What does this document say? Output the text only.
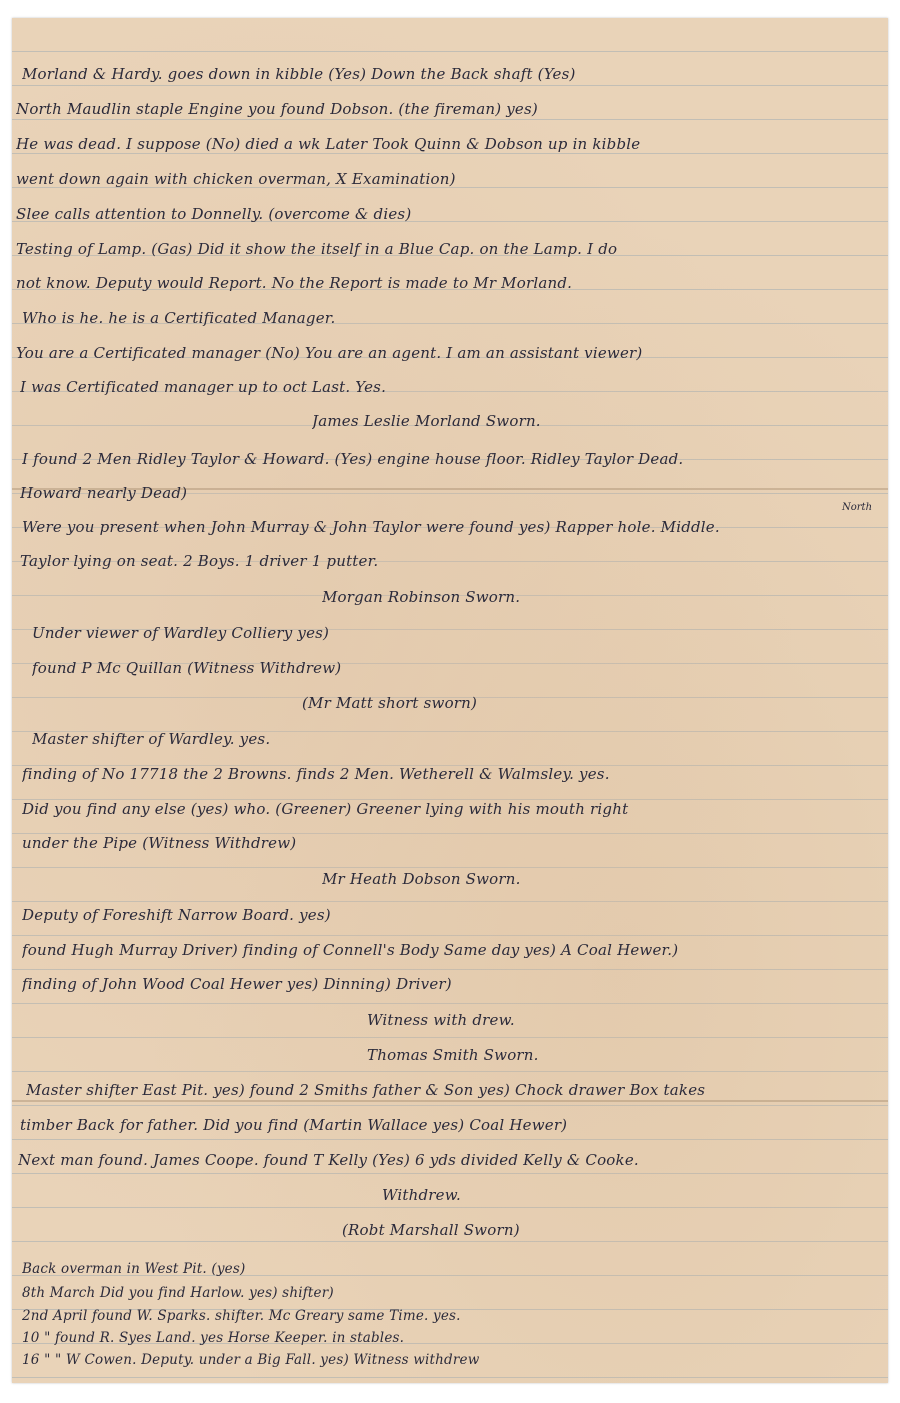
Morland & Hardy. goes down in kibble (Yes) Down the Back shaft (Yes)
North Maudlin staple Engine you found Dobson. (the fireman) yes)
He was dead. I suppose (No) died a wk Later Took Quinn & Dobson up in kibble
went down again with chicken overman, X Examination)
Slee calls attention to Donnelly. (overcome & dies)
Testing of Lamp. (Gas) Did it show the itself in a Blue Cap. on the Lamp. I do
not know. Deputy would Report. No the Report is made to Mr Morland.
Who is he. he is a Certificated Manager.
You are a Certificated manager (No) You are an agent. I am an assistant viewer)
I was Certificated manager up to oct Last. Yes.
James Leslie Morland Sworn.
I found 2 Men Ridley Taylor & Howard. (Yes) engine house floor. Ridley Taylor Dead.
Howard nearly Dead)
North
Were you present when John Murray & John Taylor were found yes) Rapper hole. Middle.
Taylor lying on seat. 2 Boys. 1 driver 1 putter.
Morgan Robinson Sworn.
Under viewer of Wardley Colliery yes)
found P Mc Quillan (Witness Withdrew)
(Mr Matt short sworn)
Master shifter of Wardley. yes.
finding of No 17718 the 2 Browns. finds 2 Men. Wetherell & Walmsley. yes.
Did you find any else (yes) who. (Greener) Greener lying with his mouth right
under the Pipe (Witness Withdrew)
Mr Heath Dobson Sworn.
Deputy of Foreshift Narrow Board. yes)
found Hugh Murray Driver) finding of Connell's Body Same day yes) A Coal Hewer.)
finding of John Wood Coal Hewer yes) Dinning) Driver)
Witness with drew.
Thomas Smith Sworn.
Master shifter East Pit. yes) found 2 Smiths father & Son yes) Chock drawer Box takes
timber Back for father. Did you find (Martin Wallace yes) Coal Hewer)
Next man found. James Coope. found T Kelly (Yes) 6 yds divided Kelly & Cooke.
Withdrew.
(Robt Marshall Sworn)
Back overman in West Pit. (yes)
8th March Did you find Harlow. yes) shifter)
2nd April found W. Sparks. shifter. Mc Greary same Time. yes.
10 " found R. Syes Land. yes Horse Keeper. in stables.
16 " " W Cowen. Deputy. under a Big Fall. yes) Witness withdrew
